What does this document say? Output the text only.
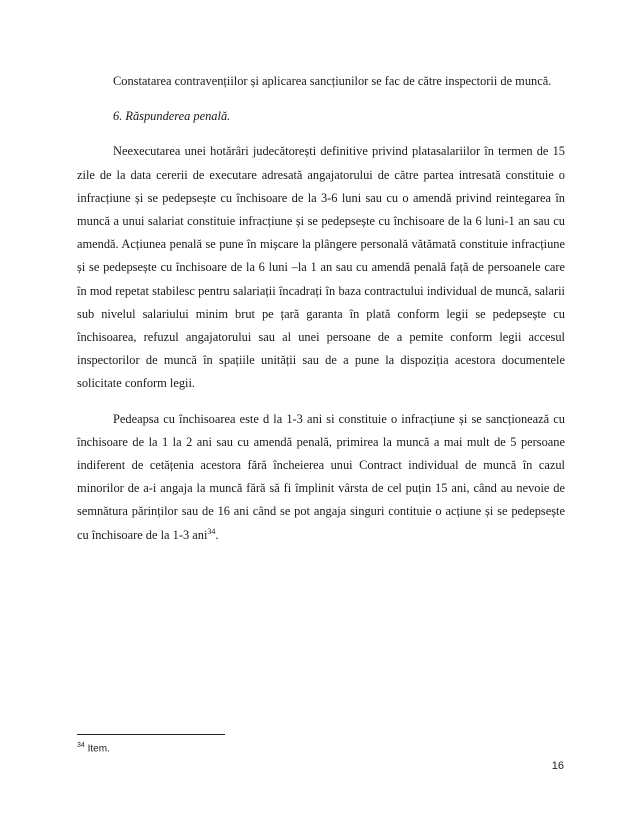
Constatarea contravențiilor și aplicarea sancțiunilor se fac de către inspectorii de muncă.

6. Răspunderea penală.

Neexecutarea unei hotărâri judecătorești definitive privind platasalariilor în termen de 15 zile de la data cererii de executare adresată angajatorului de către partea intresată constituie o infracțiune și se pedepsește cu închisoare de la 3-6 luni sau cu o amendă privind reintegarea în muncă a unui salariat constituie infracțiune și se pedepsește cu închisoare de la 6 luni-1 an sau cu amendă. Acțiunea penală se pune în mișcare la plângere personală vătămată constituie infracțiune și se pedepsește cu închisoare de la 6 luni –la 1 an sau cu amendă penală față de persoanele care în mod repetat stabilesc pentru salariații încadrați în baza contractului individual de muncă, salarii sub nivelul salariului minim brut pe țară garanta în plată conform legii se pedepsește cu închisoarea, refuzul angajatorului sau al unei persoane de a pemite conform legii accesul inspectorilor de muncă în spațiile unității sau de a pune la dispoziția acestora documentele solicitate conform legii.

Pedeapsa cu închisoarea este d la 1-3 ani si constituie o infracțiune și se sancționează cu închisoare de la 1 la 2 ani sau cu amendă penală, primirea la muncă a mai mult de 5 persoane indiferent de cetățenia acestora fără încheierea unui Contract individual de muncă în cazul minorilor de a-i angaja la muncă fără să fi împlinit vârsta de cel puțin 15 ani, când au nevoie de semnătura părinților sau de 16 ani când se pot angaja singuri contituie o acțiune și se pedepsește cu închisoare de la 1-3 ani$^{34}$.

$^{34}$ Item.
16
